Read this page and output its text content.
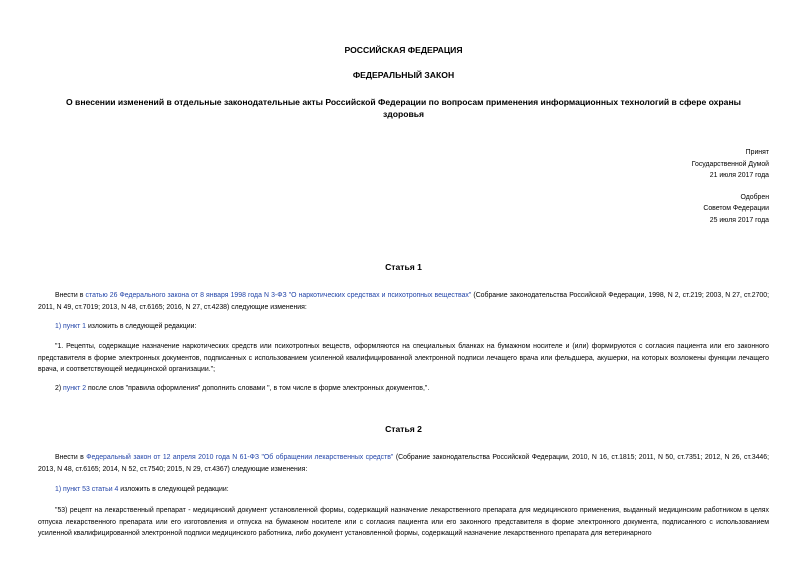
РОССИЙСКАЯ ФЕДЕРАЦИЯ
ФЕДЕРАЛЬНЫЙ ЗАКОН
О внесении изменений в отдельные законодательные акты Российской Федерации по вопросам применения информационных технологий в сфере охраны здоровья
Принят
Государственной Думой
21 июля 2017 года
Одобрен
Советом Федерации
25 июля 2017 года
Статья 1

Внести в статью 26 Федерального закона от 8 января 1998 года N 3-ФЗ "О наркотических средствах и психотропных веществах" (Собрание законодательства Российской Федерации, 1998, N 2, ст.219; 2003, N 27, ст.2700; 2011, N 49, ст.7019; 2013, N 48, ст.6165; 2016, N 27, ст.4238) следующие изменения:

1) пункт 1 изложить в следующей редакции:

"1. Рецепты, содержащие назначение наркотических средств или психотропных веществ, оформляются на специальных бланках на бумажном носителе и (или) формируются с согласия пациента или его законного представителя в форме электронных документов, подписанных с использованием усиленной квалифицированной электронной подписи лечащего врача или фельдшера, акушерки, на которых возложены функции лечащего врача, и соответствующей медицинской организации.";

2) пункт 2 после слов "правила оформления" дополнить словами ", в том числе в форме электронных документов,".

Статья 2

Внести в Федеральный закон от 12 апреля 2010 года N 61-ФЗ "Об обращении лекарственных средств" (Собрание законодательства Российской Федерации, 2010, N 16, ст.1815; 2011, N 50, ст.7351; 2012, N 26, ст.3446; 2013, N 48, ст.6165; 2014, N 52, ст.7540; 2015, N 29, ст.4367) следующие изменения:

1) пункт 53 статьи 4 изложить в следующей редакции:

"53) рецепт на лекарственный препарат - медицинский документ установленной формы, содержащий назначение лекарственного препарата для медицинского применения, выданный медицинским работником в целях отпуска лекарственного препарата или его изготовления и отпуска на бумажном носителе или с согласия пациента или его законного представителя в форме электронного документа, подписанного с использованием усиленной квалифицированной электронной подписи медицинского работника, либо документ установленной формы, содержащий назначение лекарственного препарата для ветеринарного
